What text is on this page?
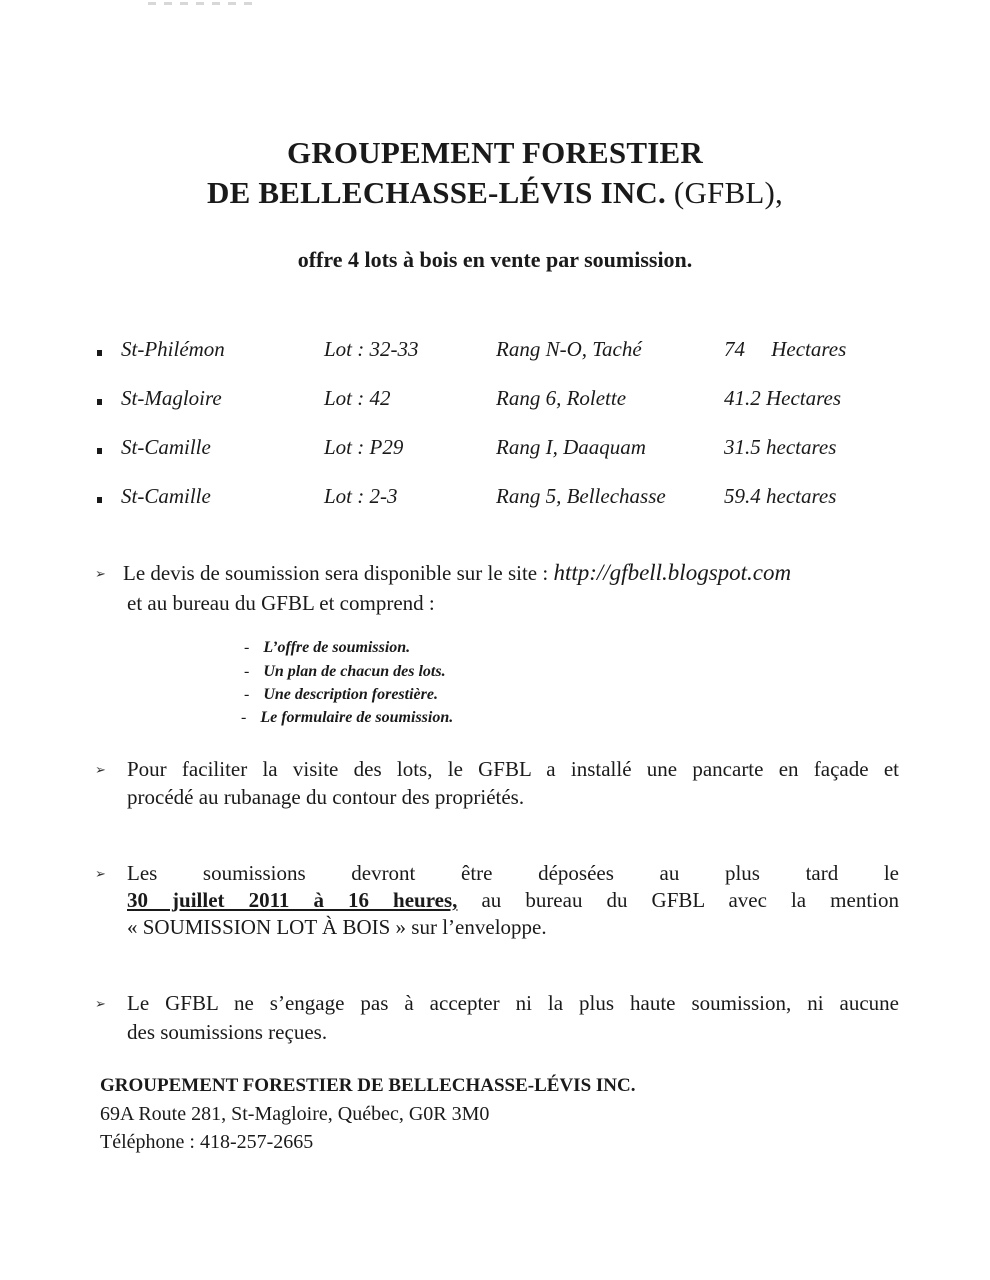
GROUPEMENT FORESTIER
DE BELLECHASSE-LÉVIS INC. (GFBL),
offre 4 lots à bois en vente par soumission.
St-Philémon	Lot : 32-33	Rang N-O, Taché	74     Hectares
St-Magloire	Lot : 42	Rang 6, Rolette	41.2 Hectares
St-Camille	Lot : P29	Rang I, Daaquam	31.5 hectares
St-Camille	Lot : 2-3	Rang 5, Bellechasse	59.4 hectares
➢ Le devis de soumission sera disponible sur le site : http://gfbell.blogspot.com
et au bureau du GFBL et comprend :
- L’offre de soumission.
- Un plan de chacun des lots.
- Une description forestière.
- Le formulaire de soumission.
➢ Pour faciliter la visite des lots, le GFBL a installé une pancarte en façade et
procédé au rubanage du contour des propriétés.
➢ Les soumissions devront être déposées au plus tard le
30 juillet 2011 à 16 heures, au bureau du GFBL avec la mention
« SOUMISSION LOT À BOIS » sur l’enveloppe.
➢ Le GFBL ne s’engage pas à accepter ni la plus haute soumission, ni aucune
des soumissions reçues.
GROUPEMENT FORESTIER DE BELLECHASSE-LÉVIS INC.
69A Route 281, St-Magloire, Québec, G0R 3M0
Téléphone : 418-257-2665
